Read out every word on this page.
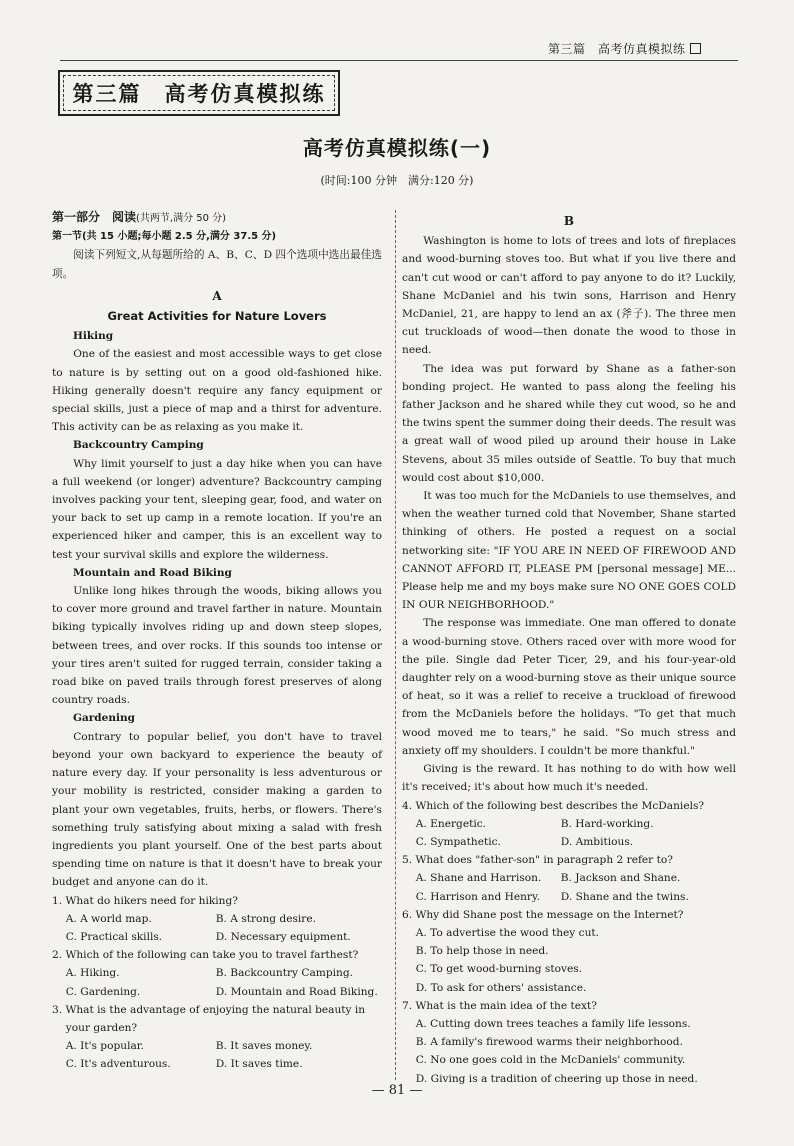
第三篇　高考仿真模拟练
第三篇　高考仿真模拟练
高考仿真模拟练(一)
(时间:100 分钟　满分:120 分)

第一部分　阅读(共两节,满分 50 分)

第一节(共 15 小题;每小题 2.5 分,满分 37.5 分)

阅读下列短文,从每题所给的 A、B、C、D 四个选项中选出最佳选项。

A

Great Activities for Nature Lovers

Hiking

One of the easiest and most accessible ways to get close to nature is by setting out on a good old-fashioned hike. Hiking generally doesn't require any fancy equipment or special skills, just a piece of map and a thirst for adventure. This activity can be as relaxing as you make it.

Backcountry Camping

Why limit yourself to just a day hike when you can have a full weekend (or longer) adventure? Backcountry camping involves packing your tent, sleeping gear, food, and water on your back to set up camp in a remote location. If you're an experienced hiker and camper, this is an excellent way to test your survival skills and explore the wilderness.

Mountain and Road Biking

Unlike long hikes through the woods, biking allows you to cover more ground and travel farther in nature. Mountain biking typically involves riding up and down steep slopes, between trees, and over rocks. If this sounds too intense or your tires aren't suited for rugged terrain, consider taking a road bike on paved trails through forest preserves of along country roads.

Gardening

Contrary to popular belief, you don't have to travel beyond your own backyard to experience the beauty of nature every day. If your personality is less adventurous or your mobility is restricted, consider making a garden to plant your own vegetables, fruits, herbs, or flowers. There's something truly satisfying about mixing a salad with fresh ingredients you plant yourself. One of the best parts about spending time on nature is that it doesn't have to break your budget and anyone can do it.

1. What do hikers need for hiking?

A. A world map.	B. A strong desire.
C. Practical skills.	D. Necessary equipment.

2. Which of the following can take you to travel farthest?

A. Hiking.	B. Backcountry Camping.
C. Gardening.	D. Mountain and Road Biking.

3. What is the advantage of enjoying the natural beauty in

your garden?

A. It's popular.	B. It saves money.
C. It's adventurous.	D. It saves time.

B

Washington is home to lots of trees and lots of fireplaces and wood-burning stoves too. But what if you live there and can't cut wood or can't afford to pay anyone to do it? Luckily, Shane McDaniel and his twin sons, Harrison and Henry McDaniel, 21, are happy to lend an ax (斧子). The three men cut truckloads of wood—then donate the wood to those in need.

The idea was put forward by Shane as a father-son bonding project. He wanted to pass along the feeling his father Jackson and he shared while they cut wood, so he and the twins spent the summer doing their deeds. The result was a great wall of wood piled up around their house in Lake Stevens, about 35 miles outside of Seattle. To buy that much would cost about $10,000.

It was too much for the McDaniels to use themselves, and when the weather turned cold that November, Shane started thinking of others. He posted a request on a social networking site: "IF YOU ARE IN NEED OF FIREWOOD AND CANNOT AFFORD IT, PLEASE PM [personal message] ME... Please help me and my boys make sure NO ONE GOES COLD IN OUR NEIGHBORHOOD."

The response was immediate. One man offered to donate a wood-burning stove. Others raced over with more wood for the pile. Single dad Peter Ticer, 29, and his four-year-old daughter rely on a wood-burning stove as their unique source of heat, so it was a relief to receive a truckload of firewood from the McDaniels before the holidays. "To get that much wood moved me to tears," he said. "So much stress and anxiety off my shoulders. I couldn't be more thankful."

Giving is the reward. It has nothing to do with how well it's received; it's about how much it's needed.

4. Which of the following best describes the McDaniels?

A. Energetic.	B. Hard-working.
C. Sympathetic.	D. Ambitious.

5. What does "father-son" in paragraph 2 refer to?

A. Shane and Harrison.	B. Jackson and Shane.
C. Harrison and Henry.	D. Shane and the twins.

6. Why did Shane post the message on the Internet?

A. To advertise the wood they cut.

B. To help those in need.

C. To get wood-burning stoves.

D. To ask for others' assistance.

7. What is the main idea of the text?

A. Cutting down trees teaches a family life lessons.

B. A family's firewood warms their neighborhood.

C. No one goes cold in the McDaniels' community.

D. Giving is a tradition of cheering up those in need.

— 81 —
